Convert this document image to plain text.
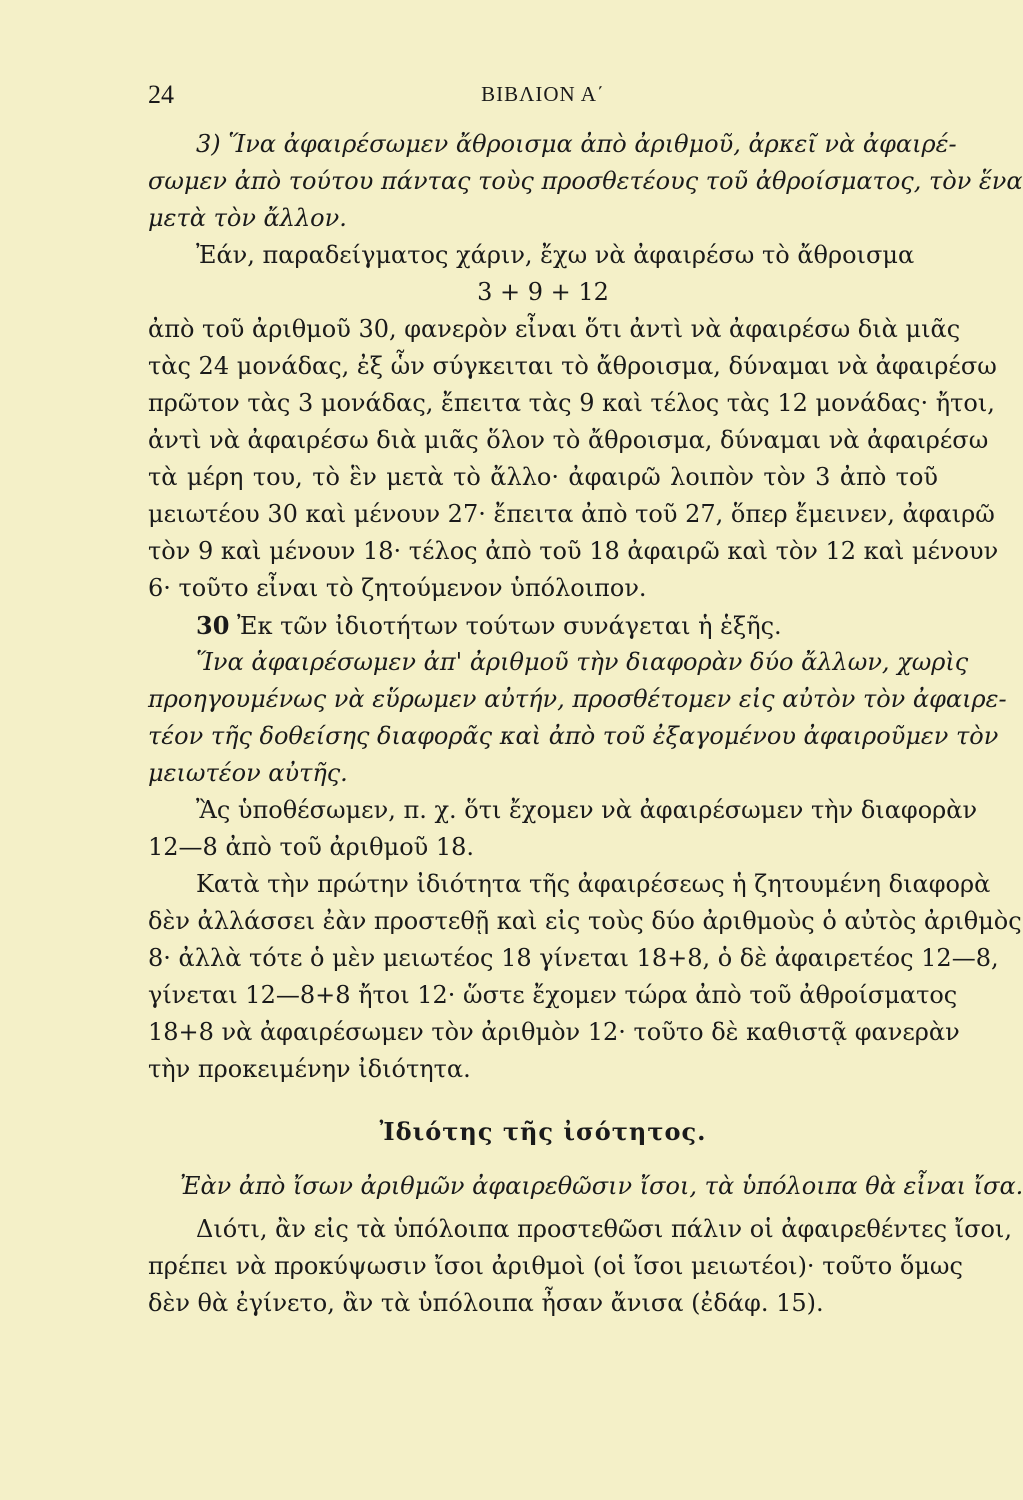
24	ΒΙΒΛΙΟΝ Α΄
3) Ἵνα ἀφαιρέσωμεν ἄθροισμα ἀπὸ ἀριθμοῦ, ἀρκεῖ νὰ ἀφαιρέ-
σωμεν ἀπὸ τούτου πάντας τοὺς προσθετέους τοῦ ἀθροίσματος, τὸν ἕνα
μετὰ τὸν ἄλλον.
Ἐάν, παραδείγματος χάριν, ἔχω νὰ ἀφαιρέσω τὸ ἄθροισμα
3 + 9 + 12
ἀπὸ τοῦ ἀριθμοῦ 30, φανερὸν εἶναι ὅτι ἀντὶ νὰ ἀφαιρέσω διὰ μιᾶς
τὰς 24 μονάδας, ἐξ ὧν σύγκειται τὸ ἄθροισμα, δύναμαι νὰ ἀφαιρέσω
πρῶτον τὰς 3 μονάδας, ἔπειτα τὰς 9 καὶ τέλος τὰς 12 μονάδας· ἤτοι,
ἀντὶ νὰ ἀφαιρέσω διὰ μιᾶς ὅλον τὸ ἄθροισμα, δύναμαι νὰ ἀφαιρέσω
τὰ μέρη του, τὸ ἓν μετὰ τὸ ἄλλο· ἀφαιρῶ λοιπὸν τὸν 3 ἀπὸ τοῦ
μειωτέου 30 καὶ μένουν 27· ἔπειτα ἀπὸ τοῦ 27, ὅπερ ἔμεινεν, ἀφαιρῶ
τὸν 9 καὶ μένουν 18· τέλος ἀπὸ τοῦ 18 ἀφαιρῶ καὶ τὸν 12 καὶ μένουν
6· τοῦτο εἶναι τὸ ζητούμενον ὑπόλοιπον.
30 Ἐκ τῶν ἰδιοτήτων τούτων συνάγεται ἡ ἑξῆς.
Ἵνα ἀφαιρέσωμεν ἀπ' ἀριθμοῦ τὴν διαφορὰν δύο ἄλλων, χωρὶς
προηγουμένως νὰ εὕρωμεν αὐτήν, προσθέτομεν εἰς αὐτὸν τὸν ἀφαιρε-
τέον τῆς δοθείσης διαφορᾶς καὶ ἀπὸ τοῦ ἐξαγομένου ἀφαιροῦμεν τὸν
μειωτέον αὐτῆς.
Ἂς ὑποθέσωμεν, π. χ. ὅτι ἔχομεν νὰ ἀφαιρέσωμεν τὴν διαφορὰν
12—8 ἀπὸ τοῦ ἀριθμοῦ 18.
Κατὰ τὴν πρώτην ἰδιότητα τῆς ἀφαιρέσεως ἡ ζητουμένη διαφορὰ
δὲν ἀλλάσσει ἐὰν προστεθῇ καὶ εἰς τοὺς δύο ἀριθμοὺς ὁ αὐτὸς ἀριθμὸς
8· ἀλλὰ τότε ὁ μὲν μειωτέος 18 γίνεται 18+8, ὁ δὲ ἀφαιρετέος 12—8,
γίνεται 12—8+8 ἤτοι 12· ὥστε ἔχομεν τώρα ἀπὸ τοῦ ἀθροίσματος
18+8 νὰ ἀφαιρέσωμεν τὸν ἀριθμὸν 12· τοῦτο δὲ καθιστᾷ φανερὰν
τὴν προκειμένην ἰδιότητα.
Ἰδιότης τῆς ἰσότητος.
Ἐὰν ἀπὸ ἴσων ἀριθμῶν ἀφαιρεθῶσιν ἴσοι, τὰ ὑπόλοιπα θὰ εἶναι ἴσα.
Διότι, ἂν εἰς τὰ ὑπόλοιπα προστεθῶσι πάλιν οἱ ἀφαιρεθέντες ἴσοι,
πρέπει νὰ προκύψωσιν ἴσοι ἀριθμοὶ (οἱ ἴσοι μειωτέοι)· τοῦτο ὅμως
δὲν θὰ ἐγίνετο, ἂν τὰ ὑπόλοιπα ἦσαν ἄνισα (ἐδάφ. 15).
